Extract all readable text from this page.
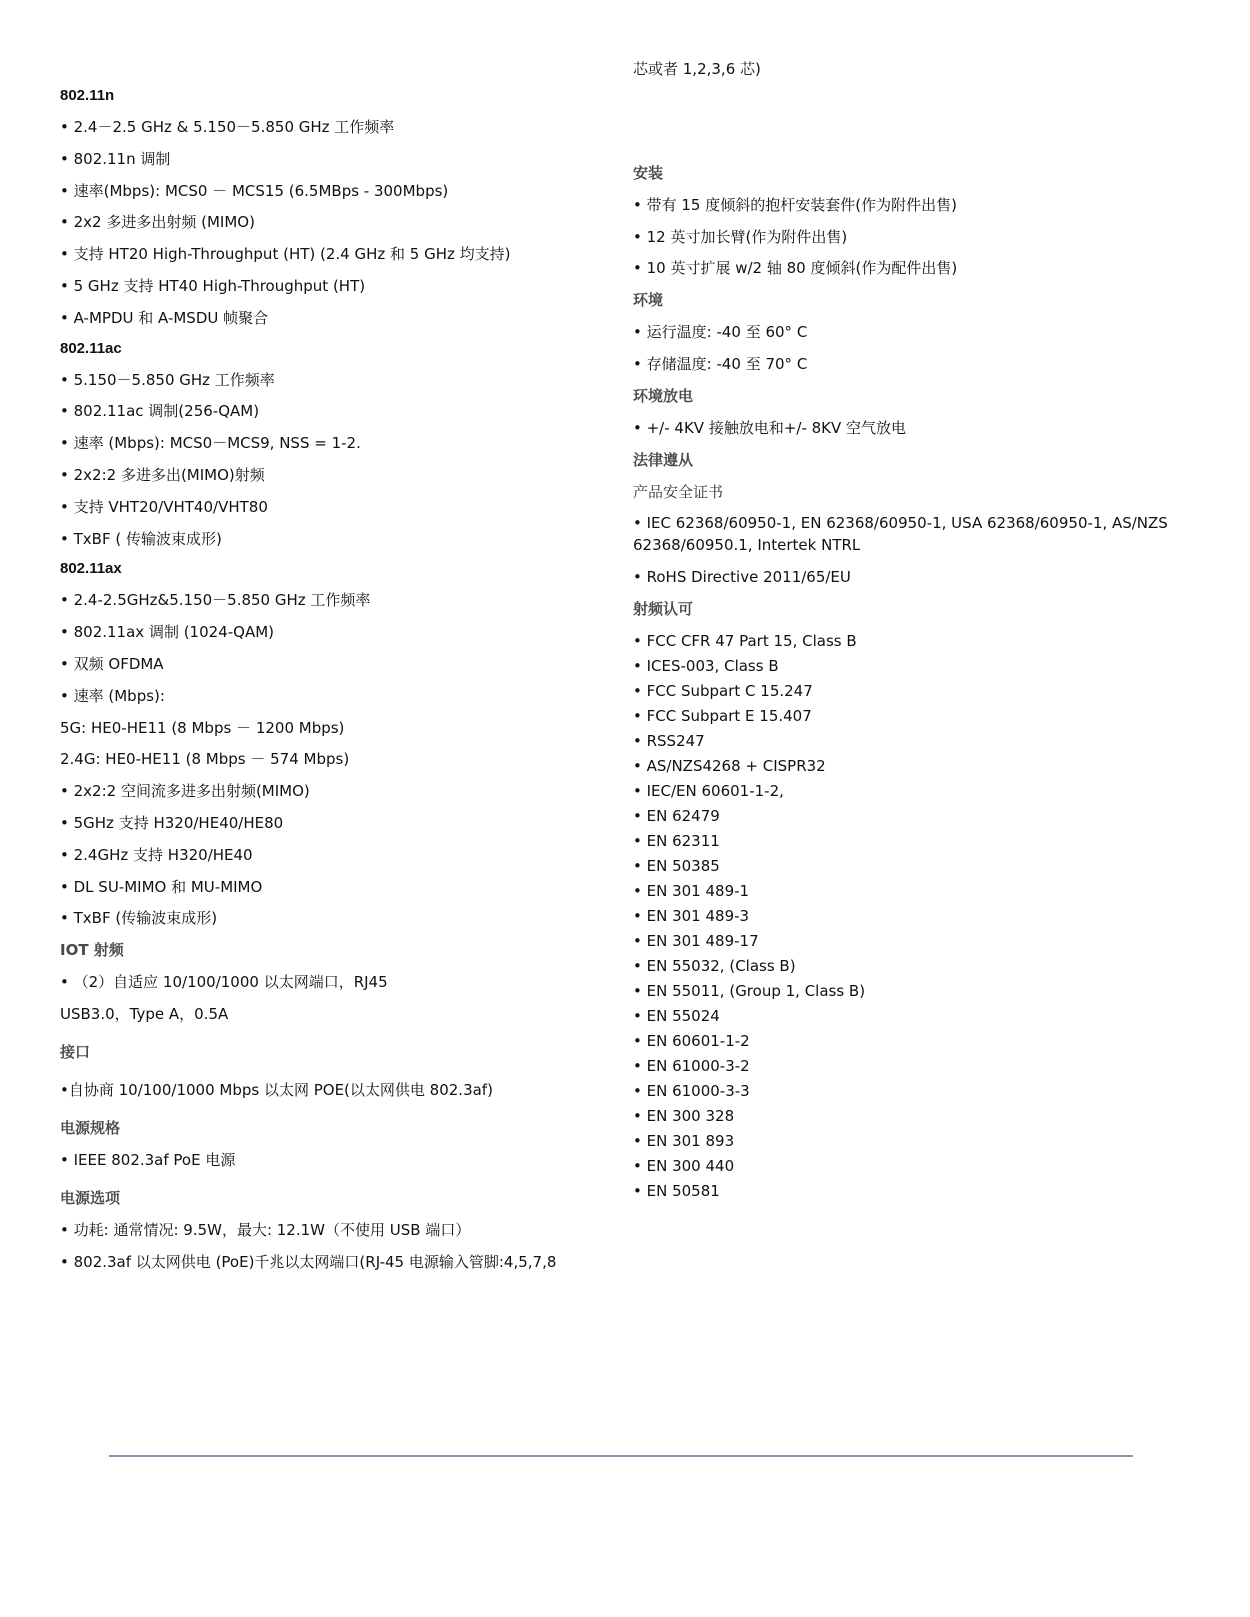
802.11n
• 2.4－2.5 GHz & 5.150－5.850 GHz 工作频率
• 802.11n 调制
• 速率(Mbps): MCS0 － MCS15 (6.5MBps - 300Mbps)
• 2x2 多进多出射频 (MIMO)
• 支持 HT20 High-Throughput (HT) (2.4 GHz 和 5 GHz 均支持)
• 5 GHz 支持 HT40 High-Throughput (HT)
• A-MPDU 和 A-MSDU 帧聚合
802.11ac
• 5.150－5.850 GHz 工作频率
• 802.11ac 调制(256-QAM)
• 速率 (Mbps): MCS0－MCS9, NSS = 1-2.
• 2x2:2 多进多出(MIMO)射频
• 支持 VHT20/VHT40/VHT80
• TxBF ( 传输波束成形)
802.11ax
• 2.4-2.5GHz&5.150－5.850 GHz 工作频率
• 802.11ax 调制 (1024-QAM)
• 双频 OFDMA
• 速率 (Mbps):
5G: HE0-HE11 (8 Mbps － 1200 Mbps)
2.4G: HE0-HE11 (8 Mbps － 574 Mbps)
• 2x2:2 空间流多进多出射频(MIMO)
• 5GHz 支持 H320/HE40/HE80
• 2.4GHz 支持 H320/HE40
• DL SU-MIMO 和 MU-MIMO
• TxBF (传输波束成形)
IOT 射频
• （2）自适应 10/100/1000 以太网端口，RJ45
USB3.0，Type A，0.5A
接口
•自协商 10/100/1000 Mbps 以太网 POE(以太网供电 802.3af)
电源规格
• IEEE 802.3af PoE 电源
电源选项
• 功耗: 通常情况: 9.5W，最大: 12.1W（不使用 USB 端口）
• 802.3af 以太网供电 (PoE)千兆以太网端口(RJ-45 电源输入管脚:4,5,7,8
芯或者 1,2,3,6 芯)
安装
• 带有 15 度倾斜的抱杆安装套件(作为附件出售)
• 12 英寸加长臂(作为附件出售)
• 10 英寸扩展 w/2 轴 80 度倾斜(作为配件出售)
环境
• 运行温度: -40 至 60° C
• 存储温度: -40 至 70° C
环境放电
• +/- 4KV 接触放电和+/- 8KV 空气放电
法律遵从
产品安全证书
• IEC 62368/60950-1, EN 62368/60950-1, USA 62368/60950-1, AS/NZS 62368/60950.1, Intertek NTRL
• RoHS Directive 2011/65/EU
射频认可
• FCC CFR 47 Part 15, Class B
• ICES-003, Class B
• FCC Subpart C 15.247
• FCC Subpart E 15.407
• RSS247
• AS/NZS4268 + CISPR32
• IEC/EN 60601-1-2,
• EN 62479
• EN 62311
• EN 50385
• EN 301 489-1
• EN 301 489-3
• EN 301 489-17
• EN 55032, (Class B)
• EN 55011, (Group 1, Class B)
• EN 55024
• EN 60601-1-2
• EN 61000-3-2
• EN 61000-3-3
• EN 300 328
• EN 301 893
• EN 300 440
• EN 50581
